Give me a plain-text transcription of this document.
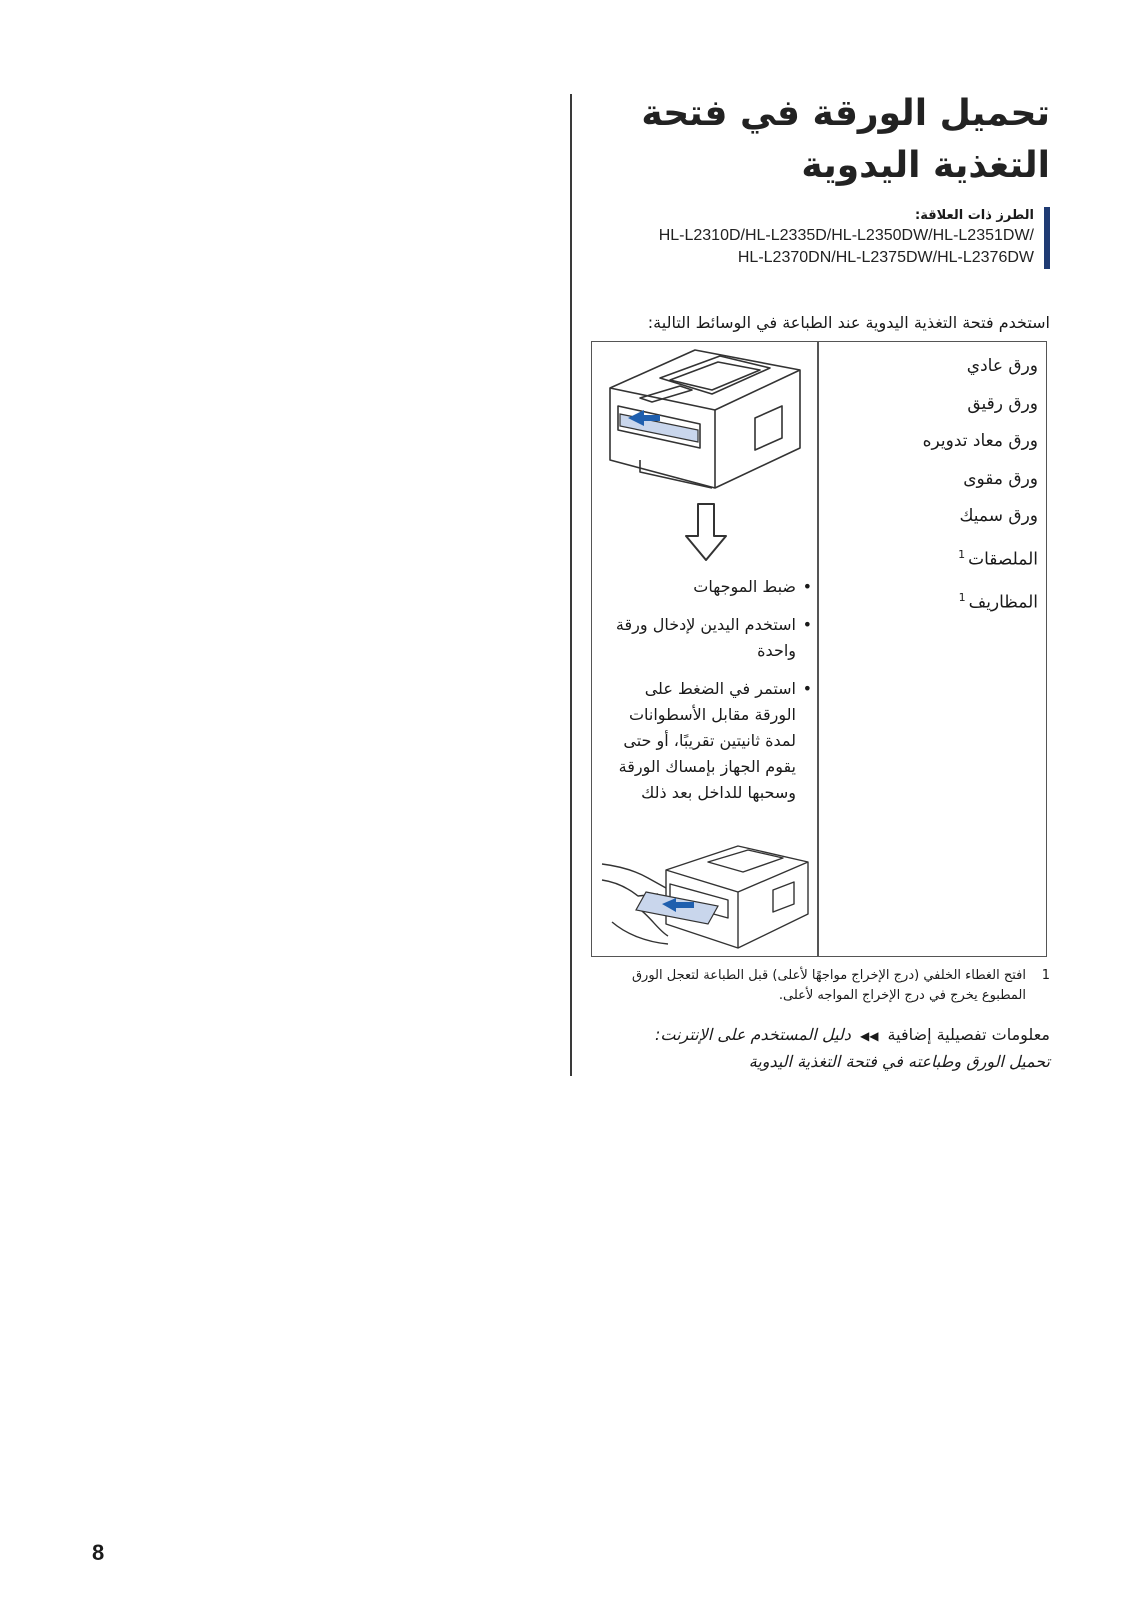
تحميل الورقة في فتحة التغذية اليدوية
الطرز ذات العلاقة:
HL-L2310D/HL-L2335D/HL-L2350DW/HL-L2351DW/
HL-L2370DN/HL-L2375DW/HL-L2376DW

استخدم فتحة التغذية اليدوية عند الطباعة في الوسائط التالية:

ورق عادي
ورق رقيق
ورق معاد تدويره
ورق مقوى
ورق سميك
الملصقات$^1$
المظاريف$^1$
• ضبط الموجهات
• استخدم اليدين لإدخال ورقة واحدة
• استمر في الضغط على الورقة مقابل الأسطوانات لمدة ثانيتين تقريبًا، أو حتى يقوم الجهاز بإمساك الورقة وسحبها للداخل بعد ذلك
1
افتح الغطاء الخلفي (درج الإخراج مواجهًا لأعلى) قبل الطباعة لتعجل الورق المطبوع يخرج في درج الإخراج المواجه لأعلى.
معلومات تفصيلية إضافية ◀◀ دليل المستخدم على الإنترنت:
تحميل الورق وطباعته في فتحة التغذية اليدوية
8
